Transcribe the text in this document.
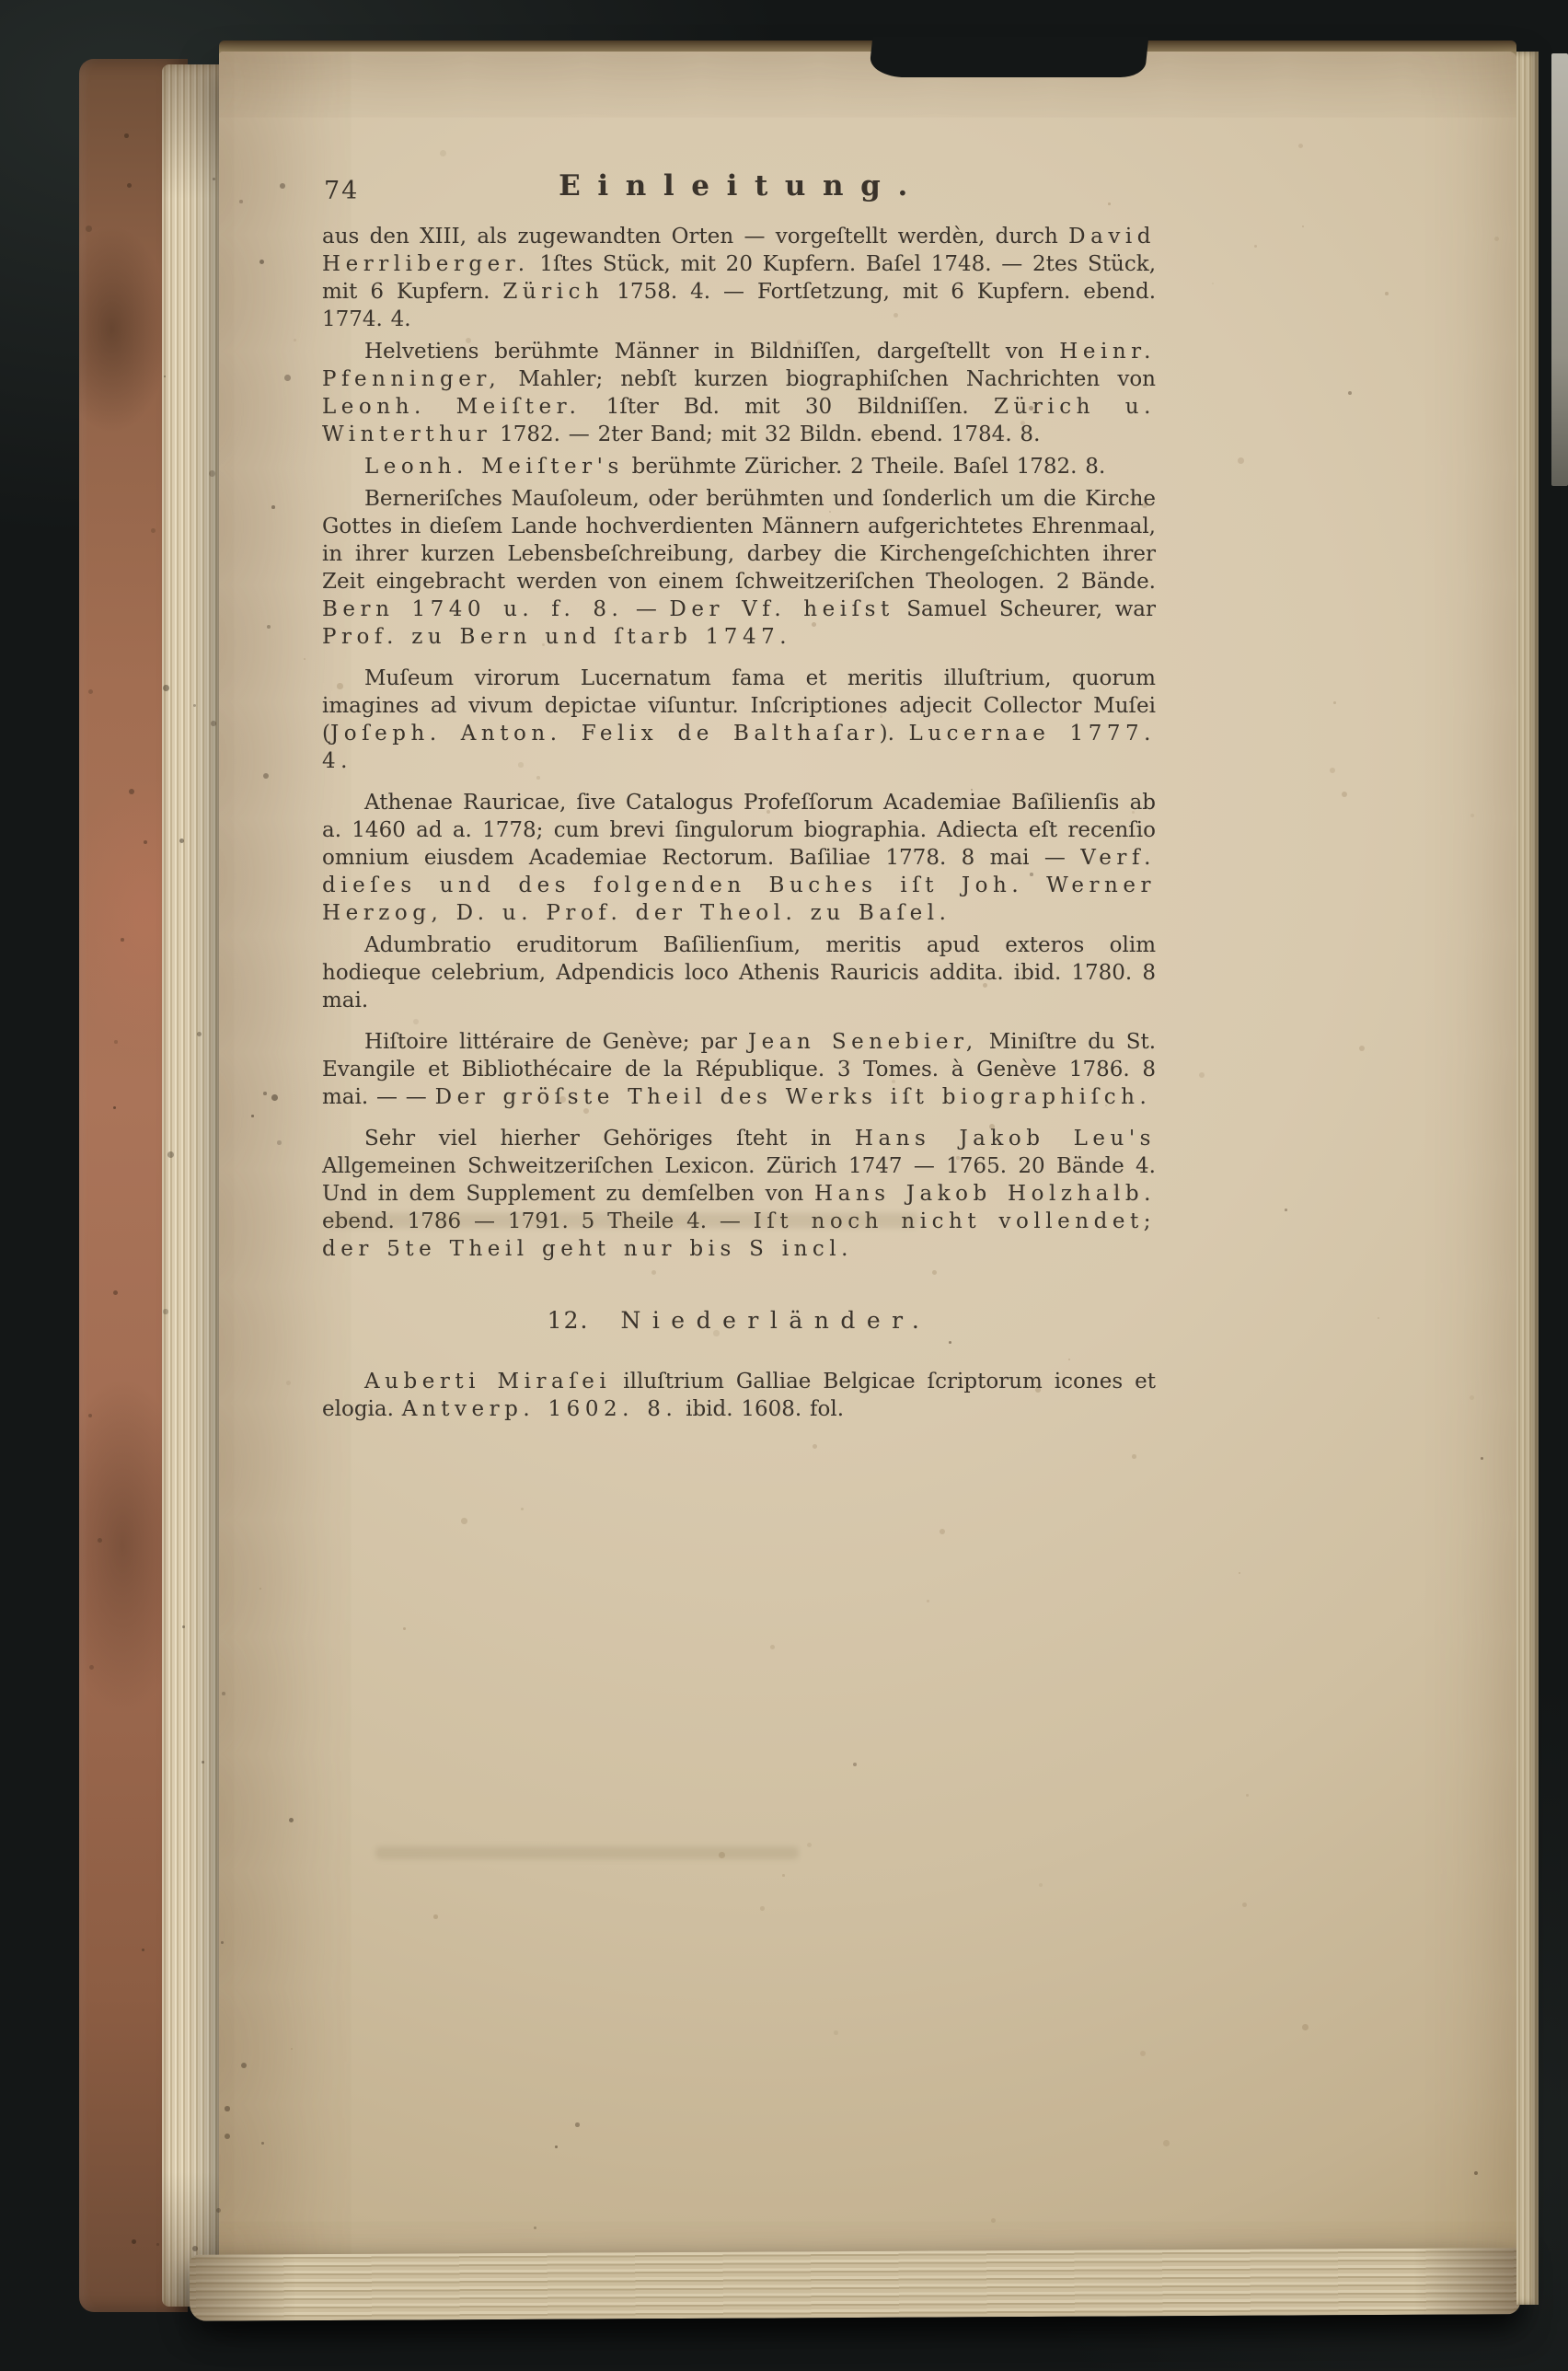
74	Einleitung.

aus den XIII, als zugewandten Orten — vorgeſtellt werdèn, durch David Herrliberger. 1ſtes Stück, mit 20 Kupfern. Baſel 1748. — 2tes Stück, mit 6 Kupfern. Zürich 1758. 4. — Fortſetzung, mit 6 Kupfern. ebend. 1774. 4.

Helvetiens berühmte Männer in Bildniſſen, dargeſtellt von Heinr. Pfenninger, Mahler; nebſt kurzen biographiſchen Nachrichten von Leonh. Meiſter. 1ſter Bd. mit 30 Bildniſſen. Zürich u. Winterthur 1782. — 2ter Band; mit 32 Bildn. ebend. 1784. 8.

Leonh. Meiſter's berühmte Züricher. 2 Theile. Baſel 1782. 8.

Berneriſches Mauſoleum, oder berühmten und ſonderlich um die Kirche Gottes in dieſem Lande hochverdienten Männern aufgerichtetes Ehrenmaal, in ihrer kurzen Lebensbeſchreibung, darbey die Kirchengeſchichten ihrer Zeit eingebracht werden von einem ſchweitzeriſchen Theologen. 2 Bände. Bern 1740 u. f. 8. — Der Vf. heiſst Samuel Scheurer, war Prof. zu Bern und ſtarb 1747.

Muſeum virorum Lucernatum fama et meritis illuſtrium, quorum imagines ad vivum depictae viſuntur. Inſcriptiones adjecit Collector Muſei (Joſeph. Anton. Felix de Balthaſar). Lucernae 1777. 4.

Athenae Rauricae, ſive Catalogus Profeſſorum Academiae Baſilienſis ab a. 1460 ad a. 1778; cum brevi ſingulorum biographia. Adiecta eſt recenſio omnium eiusdem Academiae Rectorum. Baſiliae 1778. 8 mai — Verf. dieſes und des folgenden Buches iſt Joh. Werner Herzog, D. u. Prof. der Theol. zu Baſel.

Adumbratio eruditorum Baſilienſium, meritis apud exteros olim hodieque celebrium, Adpendicis loco Athenis Rauricis addita. ibid. 1780. 8 mai.

Hiſtoire littéraire de Genève; par Jean Senebier, Miniſtre du St. Evangile et Bibliothécaire de la République. 3 Tomes. à Genève 1786. 8 mai. — — Der gröſste Theil des Werks iſt biographiſch.

Sehr viel hierher Gehöriges ſteht in Hans Jakob Leu's Allgemeinen Schweitzeriſchen Lexicon. Zürich 1747 — 1765. 20 Bände 4. Und in dem Supplement zu demſelben von Hans Jakob Holzhalb. ebend. 1786 — 1791. 5 Theile 4. — Iſt noch nicht vollendet; der 5te Theil geht nur bis S incl.

12. Niederländer.

Auberti Miraſei illuſtrium Galliae Belgicae ſcriptorum icones et elogia. Antverp. 1602. 8. ibid. 1608. fol.
